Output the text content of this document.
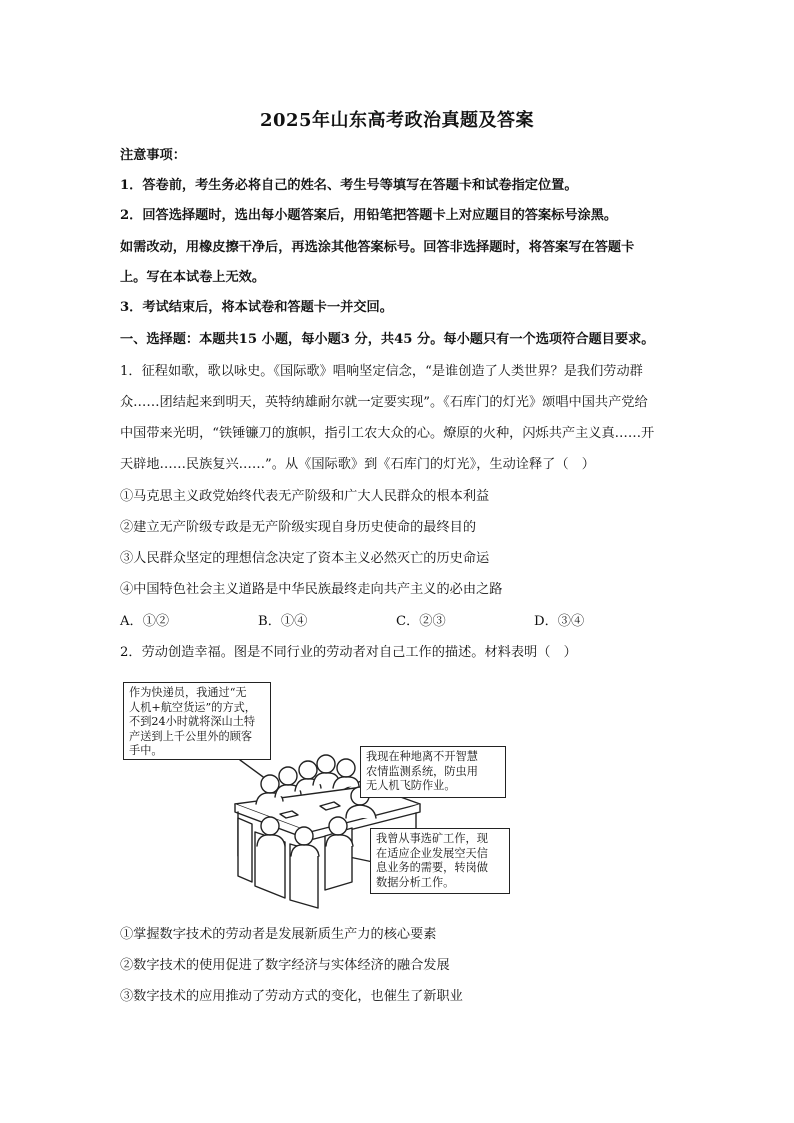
2025年山东高考政治真题及答案
注意事项：
1．答卷前，考生务必将自己的姓名、考生号等填写在答题卡和试卷指定位置。
2．回答选择题时，选出每小题答案后，用铅笔把答题卡上对应题目的答案标号涂黑。
如需改动，用橡皮擦干净后，再选涂其他答案标号。回答非选择题时，将答案写在答题卡
上。写在本试卷上无效。
3．考试结束后，将本试卷和答题卡一并交回。
一、选择题：本题共15 小题，每小题3 分，共45 分。每小题只有一个选项符合题目要求。
1．征程如歌，歌以咏史。《国际歌》唱响坚定信念，“是谁创造了人类世界？是我们劳动群
众……团结起来到明天，英特纳雄耐尔就一定要实现”。《石库门的灯光》颂唱中国共产党给
中国带来光明，“铁锤镰刀的旗帜，指引工农大众的心。燎原的火种，闪烁共产主义真……开
天辟地……民族复兴……”。从《国际歌》到《石库门的灯光》，生动诠释了（　）
①马克思主义政党始终代表无产阶级和广大人民群众的根本利益
②建立无产阶级专政是无产阶级实现自身历史使命的最终目的
③人民群众坚定的理想信念决定了资本主义必然灭亡的历史命运
④中国特色社会主义道路是中华民族最终走向共产主义的必由之路
A．①②	B．①④	C．②③	D．③④
2．劳动创造幸福。图是不同行业的劳动者对自己工作的描述。材料表明（　）
作为快递员，我通过“无
人机+航空货运”的方式，
不到24小时就将深山土特
产送到上千公里外的顾客
手中。	我现在种地离不开智慧
农情监测系统，防虫用
无人机飞防作业。
我曾从事选矿工作，现
在适应企业发展空天信
息业务的需要，转岗做
数据分析工作。
①掌握数字技术的劳动者是发展新质生产力的核心要素
②数字技术的使用促进了数字经济与实体经济的融合发展
③数字技术的应用推动了劳动方式的变化，也催生了新职业
